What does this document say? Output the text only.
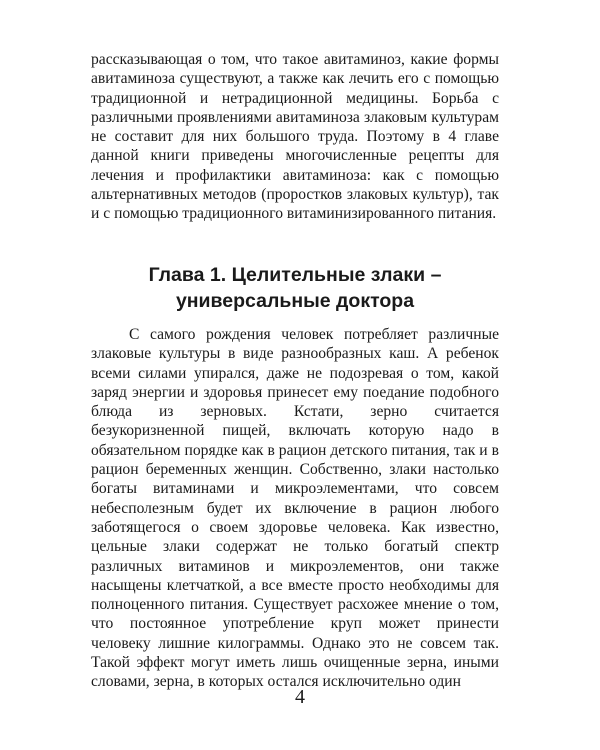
рассказывающая о том, что такое авитаминоз, какие формы авитаминоза существуют, а также как лечить его с помощью традиционной и нетрадиционной медицины. Борьба с различными проявлениями авитаминоза злаковым культурам не составит для них большого труда. Поэтому в 4 главе данной книги приведены многочисленные рецепты для лечения и профилактики авитаминоза: как с помощью альтернативных методов (проростков злаковых культур), так и с помощью традиционного витаминизированного питания.

Глава 1. Целительные злаки –
универсальные доктора

С самого рождения человек потребляет различные злаковые культуры в виде разнообразных каш. А ребенок всеми силами упирался, даже не подозревая о том, какой заряд энергии и здоровья принесет ему поедание подобного блюда из зерновых. Кстати, зерно считается безукоризненной пищей, включать которую надо в обязательном порядке как в рацион детского питания, так и в рацион беременных женщин. Собственно, злаки настолько богаты витаминами и микроэлементами, что совсем небесполезным будет их включение в рацион любого заботящегося о своем здоровье человека. Как известно, цельные злаки содержат не только богатый спектр различных витаминов и микроэлементов, они также насыщены клетчаткой, а все вместе просто необходимы для полноценного питания. Существует расхожее мнение о том, что постоянное употребление круп может принести человеку лишние килограммы. Однако это не совсем так. Такой эффект могут иметь лишь очищенные зерна, иными словами, зерна, в которых остался исключительно один

4
